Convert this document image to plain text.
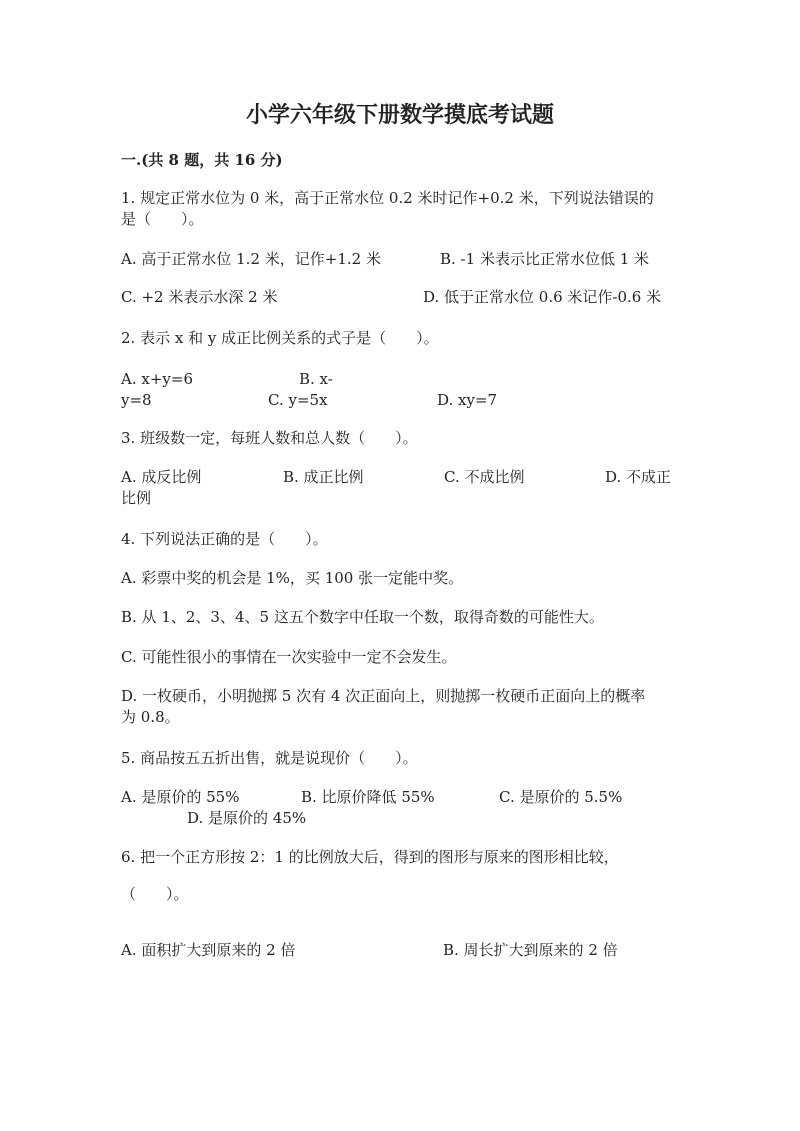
小学六年级下册数学摸底考试题
一.(共 8 题，共 16 分)
1. 规定正常水位为 0 米，高于正常水位 0.2 米时记作+0.2 米，下列说法错误的
是（　　）。
A. 高于正常水位 1.2 米，记作+1.2 米	B. -1 米表示比正常水位低 1 米
C. +2 米表示水深 2 米	D. 低于正常水位 0.6 米记作-0.6 米
2. 表示 x 和 y 成正比例关系的式子是（　　）。
A. x+y=6	B. x-
y=8	C. y=5x	D. xy=7
3. 班级数一定，每班人数和总人数（　　）。
A. 成反比例	B. 成正比例	C. 不成比例	D. 不成正
比例
4. 下列说法正确的是（　　）。
A. 彩票中奖的机会是 1%，买 100 张一定能中奖。
B. 从 1、2、3、4、5 这五个数字中任取一个数，取得奇数的可能性大。
C. 可能性很小的事情在一次实验中一定不会发生。
D. 一枚硬币，小明抛掷 5 次有 4 次正面向上，则抛掷一枚硬币正面向上的概率
为 0.8。
5. 商品按五五折出售，就是说现价（　　）。
A. 是原价的 55%	B. 比原价降低 55%	C. 是原价的 5.5%
D. 是原价的 45%
6. 把一个正方形按 2：1 的比例放大后，得到的图形与原来的图形相比较，
（　　）。
A. 面积扩大到原来的 2 倍	B. 周长扩大到原来的 2 倍
